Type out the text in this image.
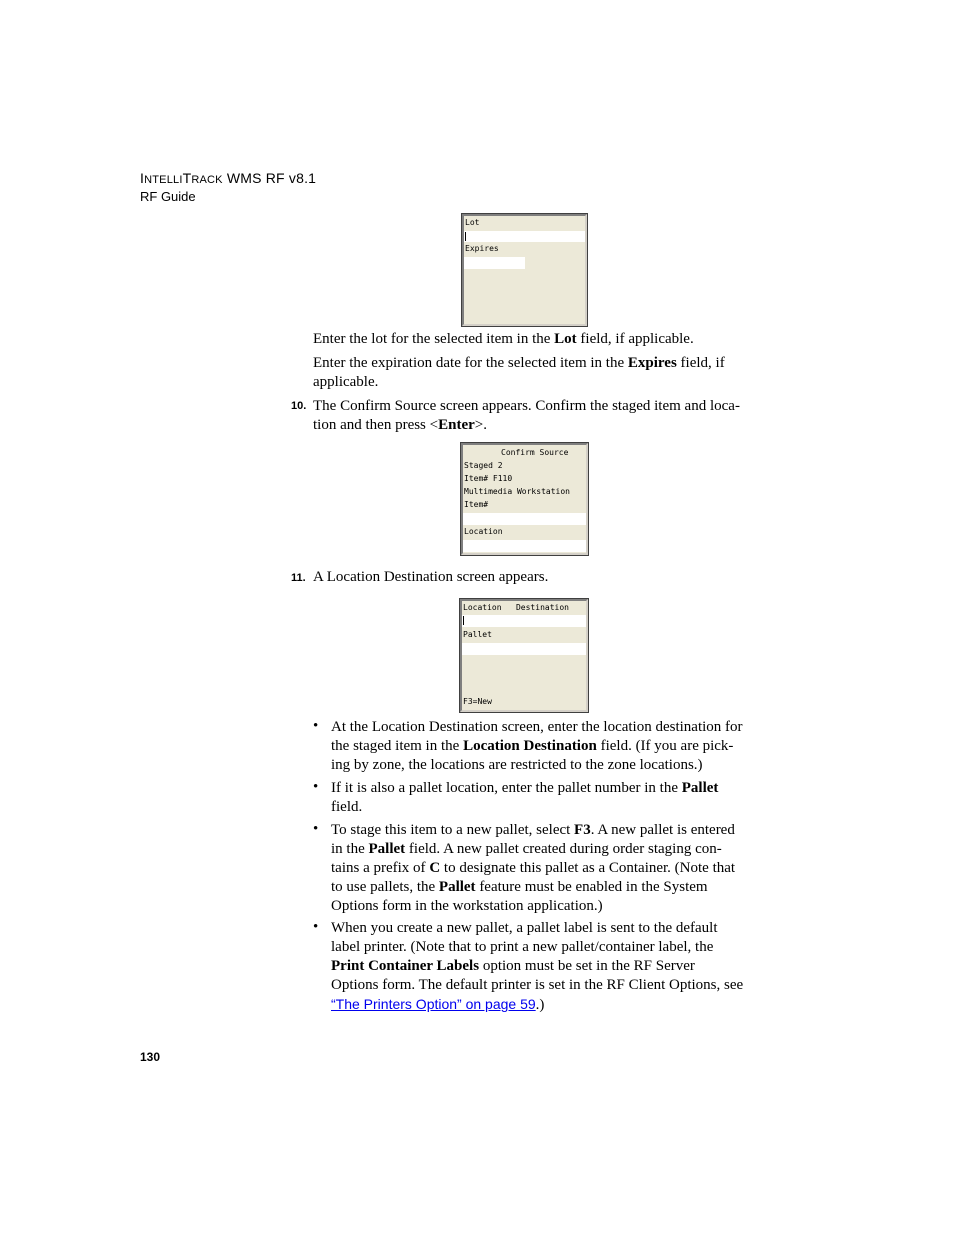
INTELLITRACK WMS RF v8.1
RF Guide
Lot
Expires
Enter the lot for the selected item in the Lot field, if applicable.
Enter the expiration date for the selected item in the Expires field, if applicable.
10. The Confirm Source screen appears. Confirm the staged item and loca-
tion and then press <Enter>.
Confirm Source
Staged 2
Item# F110
Multimedia Workstation
Item#
Location
11. A Location Destination screen appears.
Location   Destination
Pallet
F3=New
• At the Location Destination screen, enter the location destination for
the staged item in the Location Destination field. (If you are pick-
ing by zone, the locations are restricted to the zone locations.)
• If it is also a pallet location, enter the pallet number in the Pallet
field.
• To stage this item to a new pallet, select F3. A new pallet is entered
in the Pallet field. A new pallet created during order staging con-
tains a prefix of C to designate this pallet as a Container. (Note that
to use pallets, the Pallet feature must be enabled in the System
Options form in the workstation application.)
• When you create a new pallet, a pallet label is sent to the default
label printer. (Note that to print a new pallet/container label, the
Print Container Labels option must be set in the RF Server
Options form. The default printer is set in the RF Client Options, see
“The Printers Option” on page 59.)
130
